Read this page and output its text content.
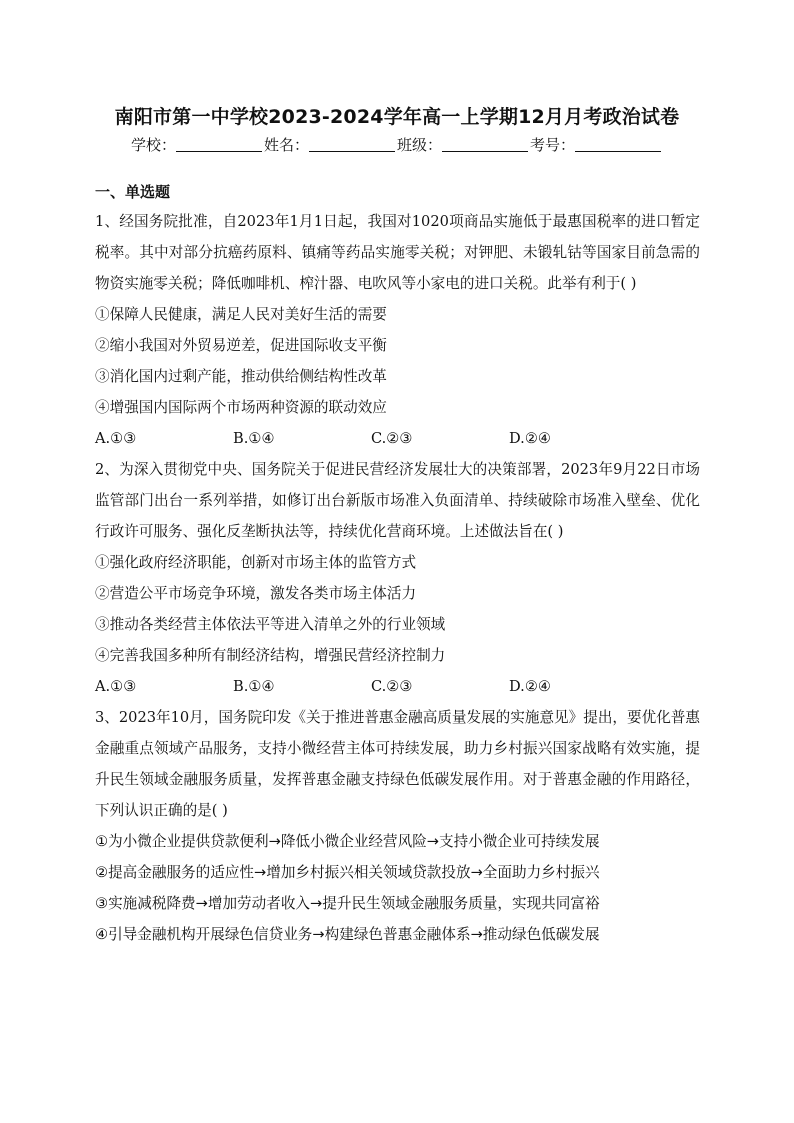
南阳市第一中学校2023-2024学年高一上学期12月月考政治试卷
学校：	姓名：	班级：	考号：
一、单选题

1、经国务院批准，自2023年1月1日起，我国对1020项商品实施低于最惠国税率的进口暂定税率。其中对部分抗癌药原料、镇痛等药品实施零关税；对钾肥、未锻轧钴等国家目前急需的物资实施零关税；降低咖啡机、榨汁器、电吹风等小家电的进口关税。此举有利于( )

①保障人民健康，满足人民对美好生活的需要

②缩小我国对外贸易逆差，促进国际收支平衡

③消化国内过剩产能，推动供给侧结构性改革

④增强国内国际两个市场两种资源的联动效应

A.①③	B.①④	C.②③	D.②④

2、为深入贯彻党中央、国务院关于促进民营经济发展壮大的决策部署，2023年9月22日市场监管部门出台一系列举措，如修订出台新版市场准入负面清单、持续破除市场准入壁垒、优化行政许可服务、强化反垄断执法等，持续优化营商环境。上述做法旨在( )

①强化政府经济职能，创新对市场主体的监管方式

②营造公平市场竞争环境，激发各类市场主体活力

③推动各类经营主体依法平等进入清单之外的行业领域

④完善我国多种所有制经济结构，增强民营经济控制力

A.①③	B.①④	C.②③	D.②④

3、2023年10月，国务院印发《关于推进普惠金融高质量发展的实施意见》提出，要优化普惠金融重点领域产品服务，支持小微经营主体可持续发展，助力乡村振兴国家战略有效实施，提升民生领域金融服务质量，发挥普惠金融支持绿色低碳发展作用。对于普惠金融的作用路径，下列认识正确的是( )

①为小微企业提供贷款便利→降低小微企业经营风险→支持小微企业可持续发展

②提高金融服务的适应性→增加乡村振兴相关领域贷款投放→全面助力乡村振兴

③实施减税降费→增加劳动者收入→提升民生领域金融服务质量，实现共同富裕

④引导金融机构开展绿色信贷业务→构建绿色普惠金融体系→推动绿色低碳发展
